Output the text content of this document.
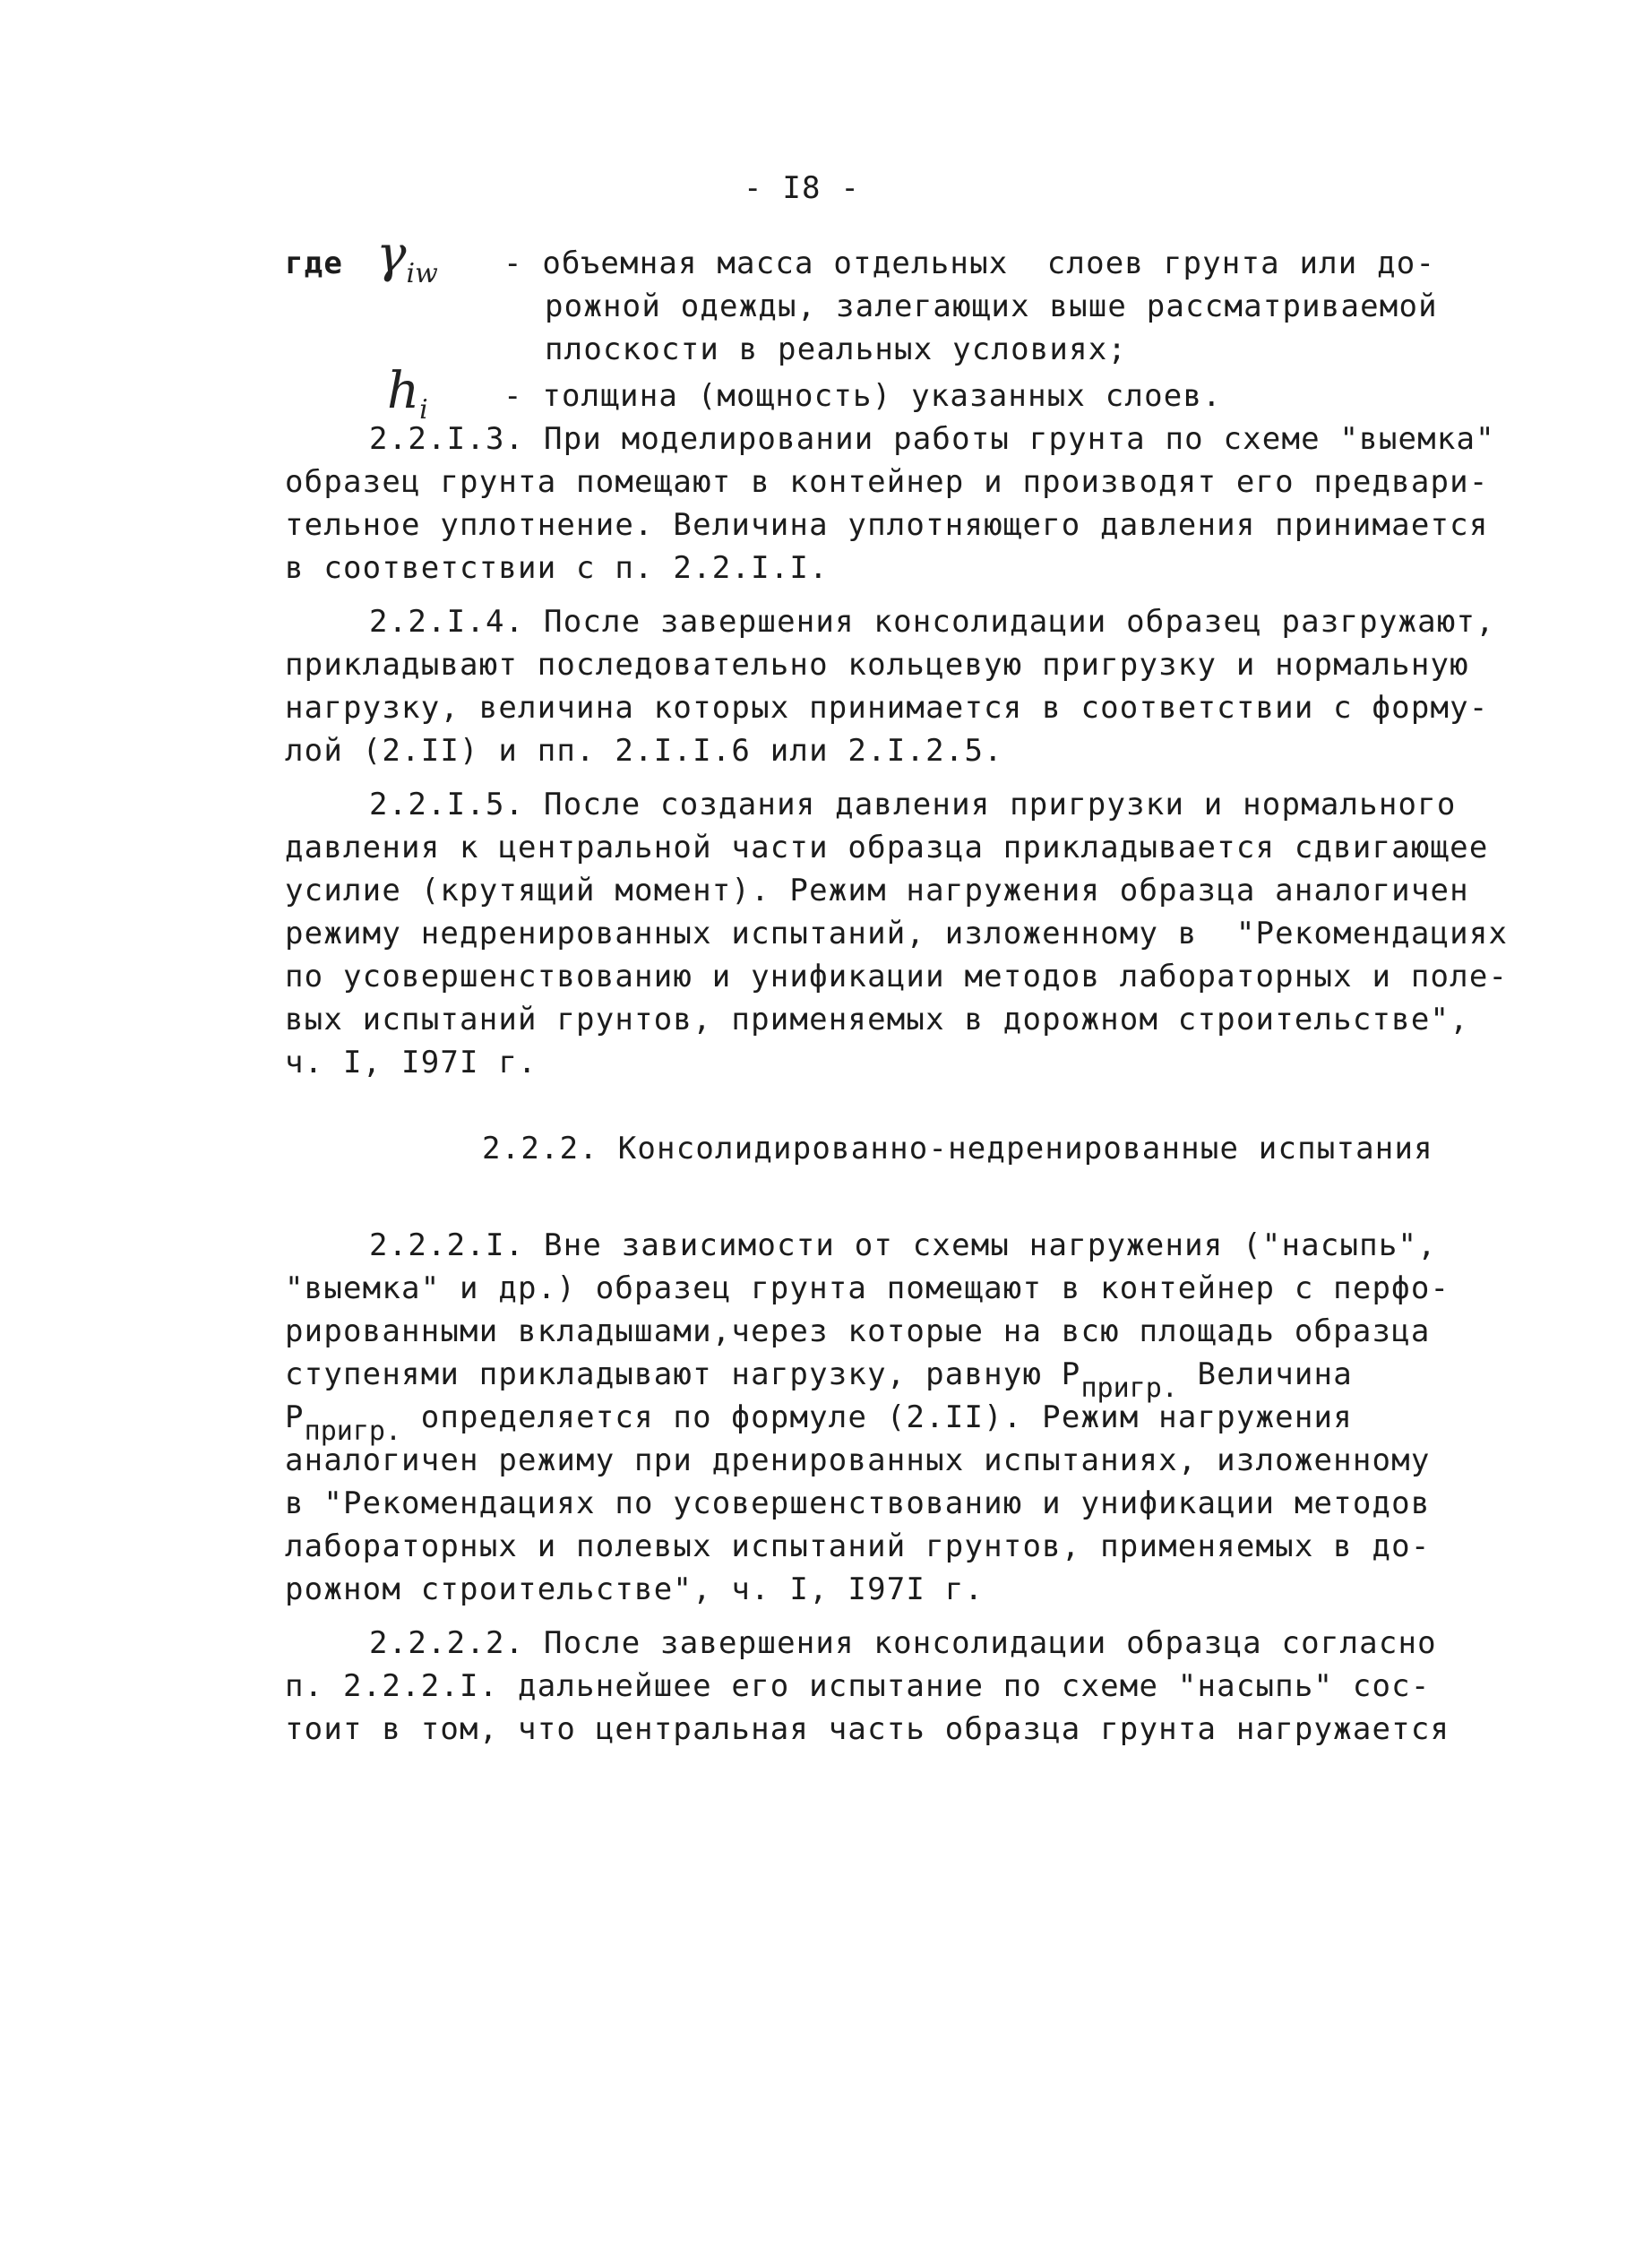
- I8 -
где $\gamma_{iw}$ - объемная масса отдельных  слоев грунта или до-
рожной одежды, залегающих выше рассматриваемой
плоскости в реальных условиях;
$h_i$ - толщина (мощность) указанных слоев.
2.2.I.3. При моделировании работы грунта по схеме "выемка"
образец грунта помещают в контейнер и производят его предвари-
тельное уплотнение. Величина уплотняющего давления принимается
в соответствии с п. 2.2.I.I.
2.2.I.4. После завершения консолидации образец разгружают,
прикладывают последовательно кольцевую пригрузку и нормальную
нагрузку, величина которых принимается в соответствии с форму-
лой (2.II) и пп. 2.I.I.6 или 2.I.2.5.
2.2.I.5. После создания давления пригрузки и нормального
давления к центральной части образца прикладывается сдвигающее
усилие (крутящий момент). Режим нагружения образца аналогичен
режиму недренированных испытаний, изложенному в  "Рекомендациях
по усовершенствованию и унификации методов лабораторных и поле-
вых испытаний грунтов, применяемых в дорожном строительстве",
ч. I, I97I г.
2.2.2. Консолидированно-недренированные испытания
2.2.2.I. Вне зависимости от схемы нагружения ("насыпь",
"выемка" и др.) образец грунта помещают в контейнер с перфо-
рированными вкладышами,через которые на всю площадь образца
ступенями прикладывают нагрузку, равную $P_{пригр.}$ Величина
$P_{пригр.}$ определяется по формуле (2.II). Режим нагружения
аналогичен режиму при дренированных испытаниях, изложенному
в "Рекомендациях по усовершенствованию и унификации методов
лабораторных и полевых испытаний грунтов, применяемых в до-
рожном строительстве", ч. I, I97I г.
2.2.2.2. После завершения консолидации образца согласно
п. 2.2.2.I. дальнейшее его испытание по схеме "насыпь" сос-
тоит в том, что центральная часть образца грунта нагружается
